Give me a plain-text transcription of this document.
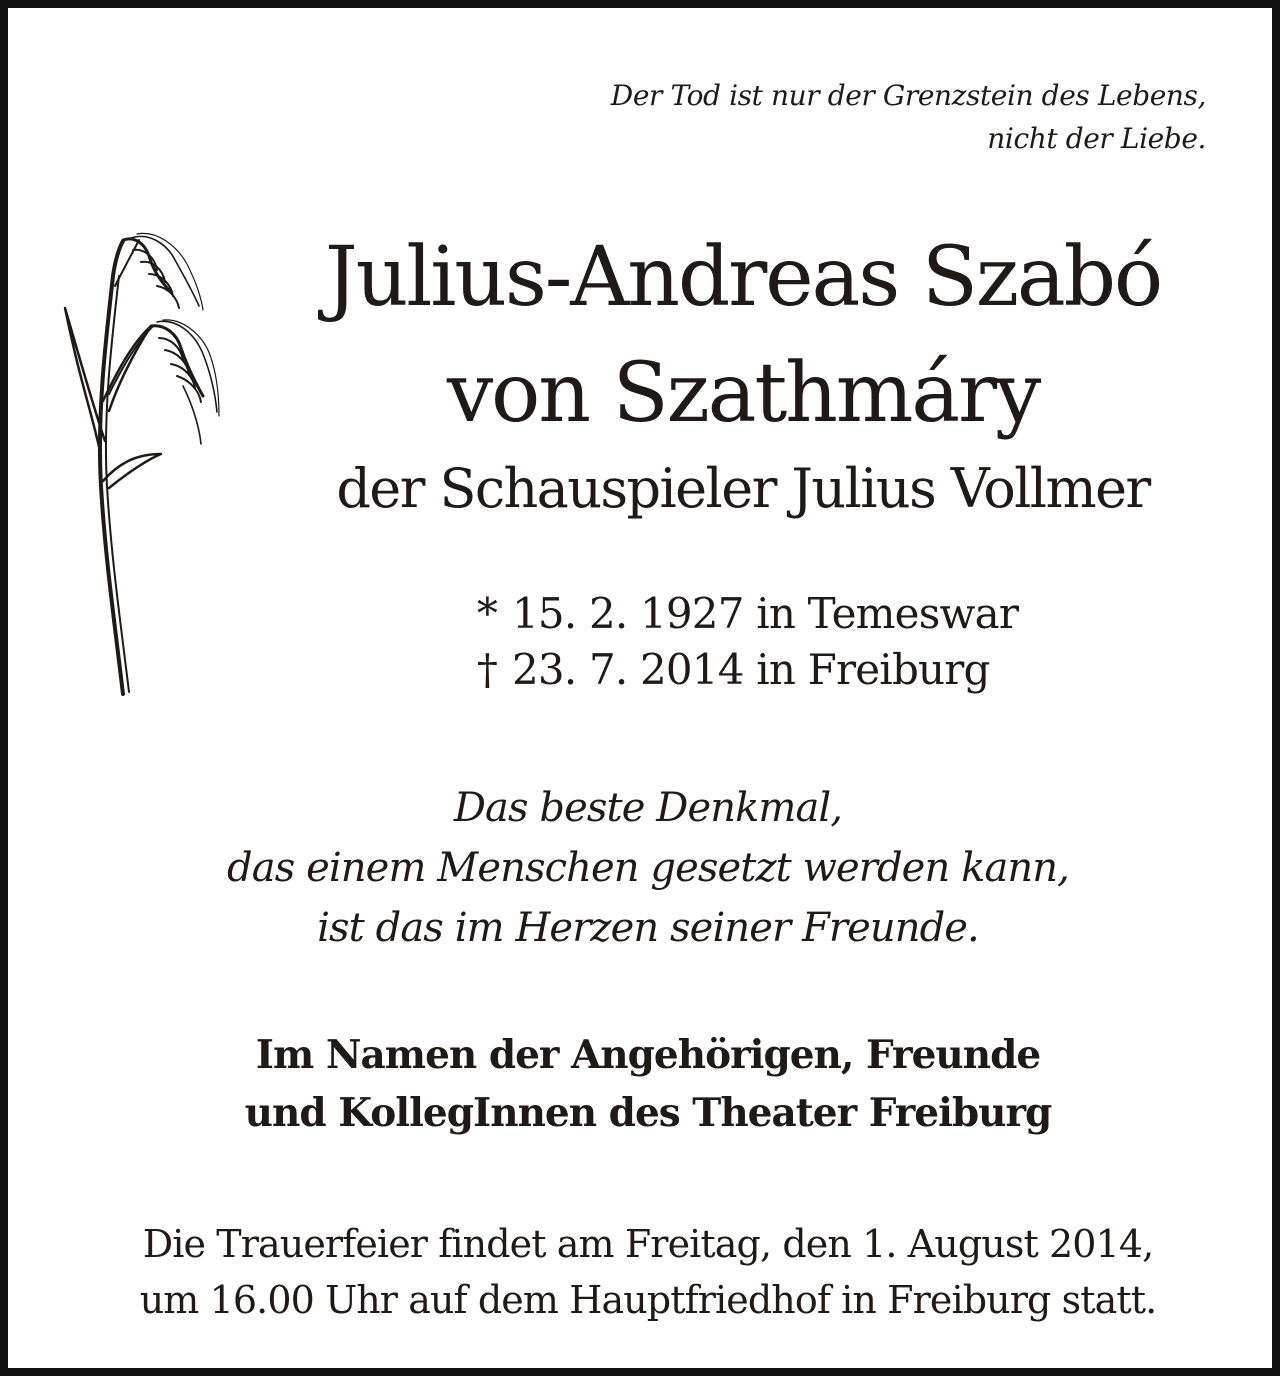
Der Tod ist nur der Grenzstein des Lebens,
nicht der Liebe.
Julius-Andreas Szabó
von Szathmáry
der Schauspieler Julius Vollmer
* 15. 2. 1927 in Temeswar
† 23. 7. 2014 in Freiburg
Das beste Denkmal,
das einem Menschen gesetzt werden kann,
ist das im Herzen seiner Freunde.
Im Namen der Angehörigen, Freunde
und KollegInnen des Theater Freiburg
Die Trauerfeier findet am Freitag, den 1. August 2014,
um 16.00 Uhr auf dem Hauptfriedhof in Freiburg statt.
